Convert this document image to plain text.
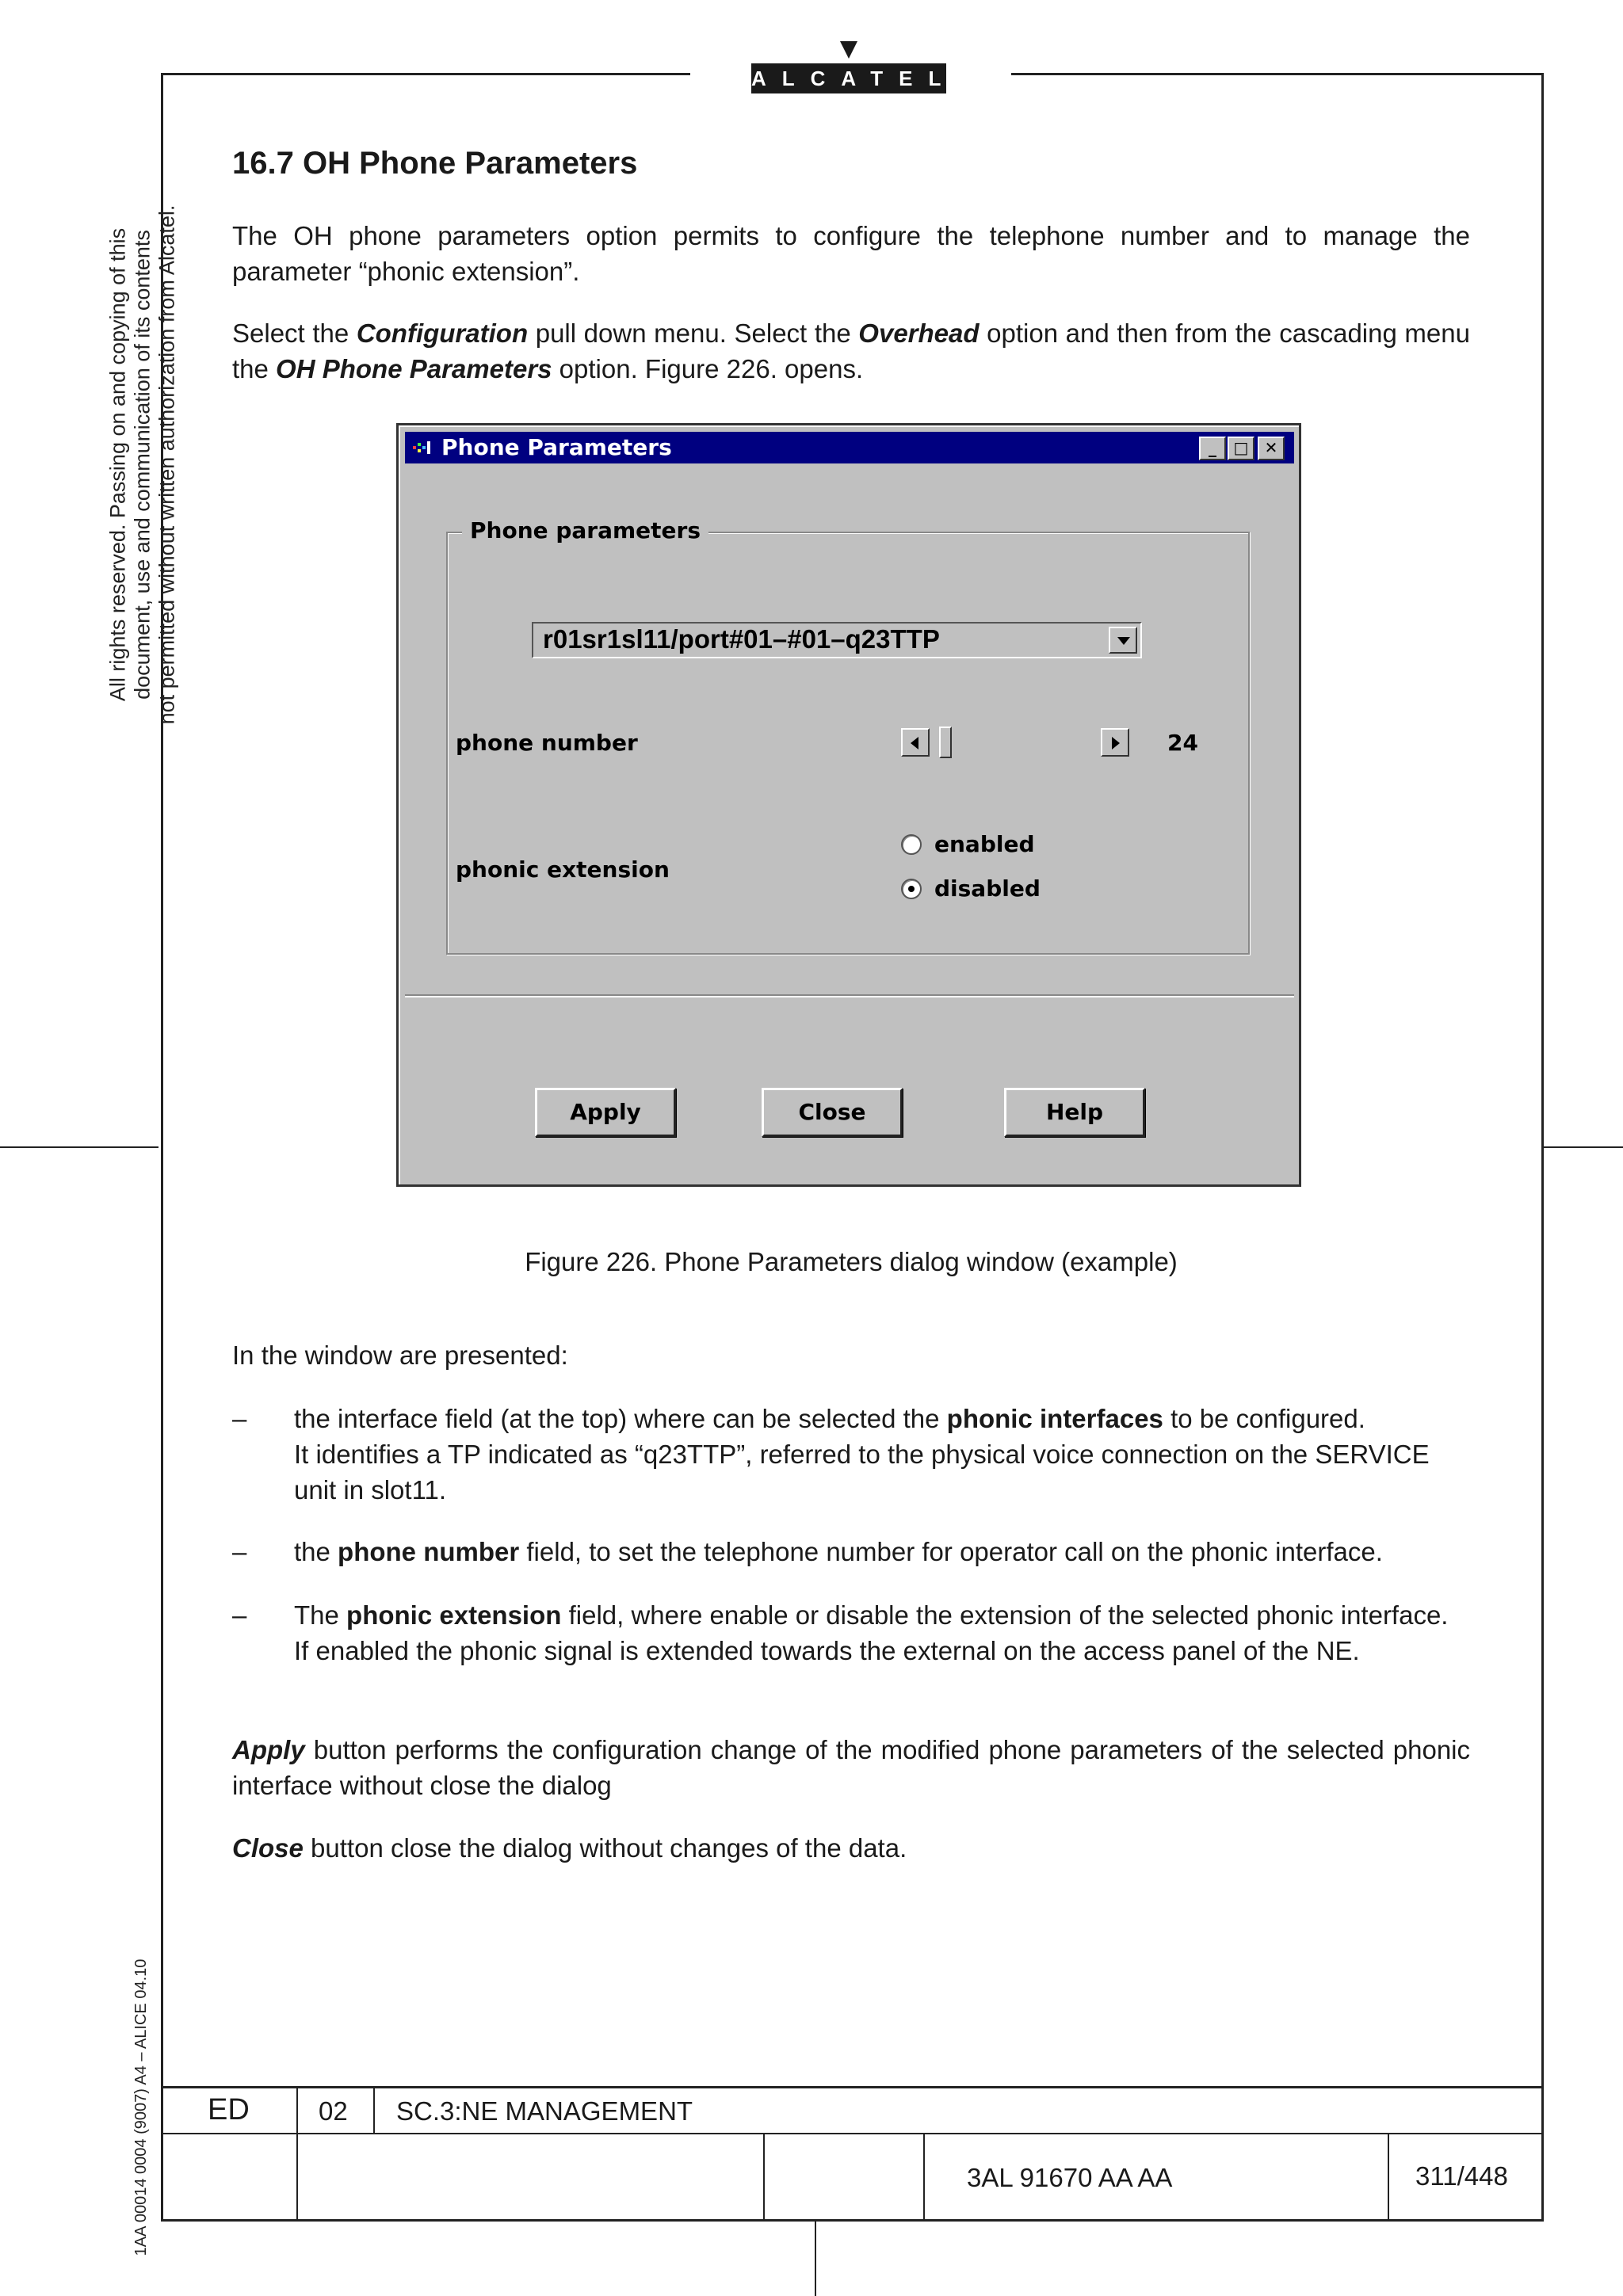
ALCATEL
All rights reserved. Passing on and copying of this
document, use and communication of its contents
not permitted without written authorization from Alcatel.
1AA 00014 0004 (9007) A4 – ALICE 04.10
16.7 OH Phone Parameters

The OH phone parameters option permits to configure the telephone number and to manage the parameter “phonic extension”.

Select the Configuration pull down menu. Select the Overhead option and then from the cascading menu the OH Phone Parameters option. Figure 226. opens.

Phone Parameters	_	□	✕
Phone parameters
r01sr1sl11/port#01–#01–q23TTP
phone number	24
phonic extension
enabled
disabled
Apply	Close	Help
Figure 226. Phone Parameters dialog window (example)

In the window are presented:

– the interface field (at the top) where can be selected the phonic interfaces to be configured.
It identifies a TP indicated as “q23TTP”, referred to the physical voice connection on the SERVICE unit in slot11.
– the phone number field, to set the telephone number for operator call on the phonic interface.
– The phonic extension field, where enable or disable the extension of the selected phonic interface.
If enabled the phonic signal is extended towards the external on the access panel of the NE.

Apply button performs the configuration change of the modified phone parameters of the selected phonic interface without close the dialog

Close button close the dialog without changes of the data.

ED	02 SC.3:NE MANAGEMENT
3AL 91670 AA AA	311/448
